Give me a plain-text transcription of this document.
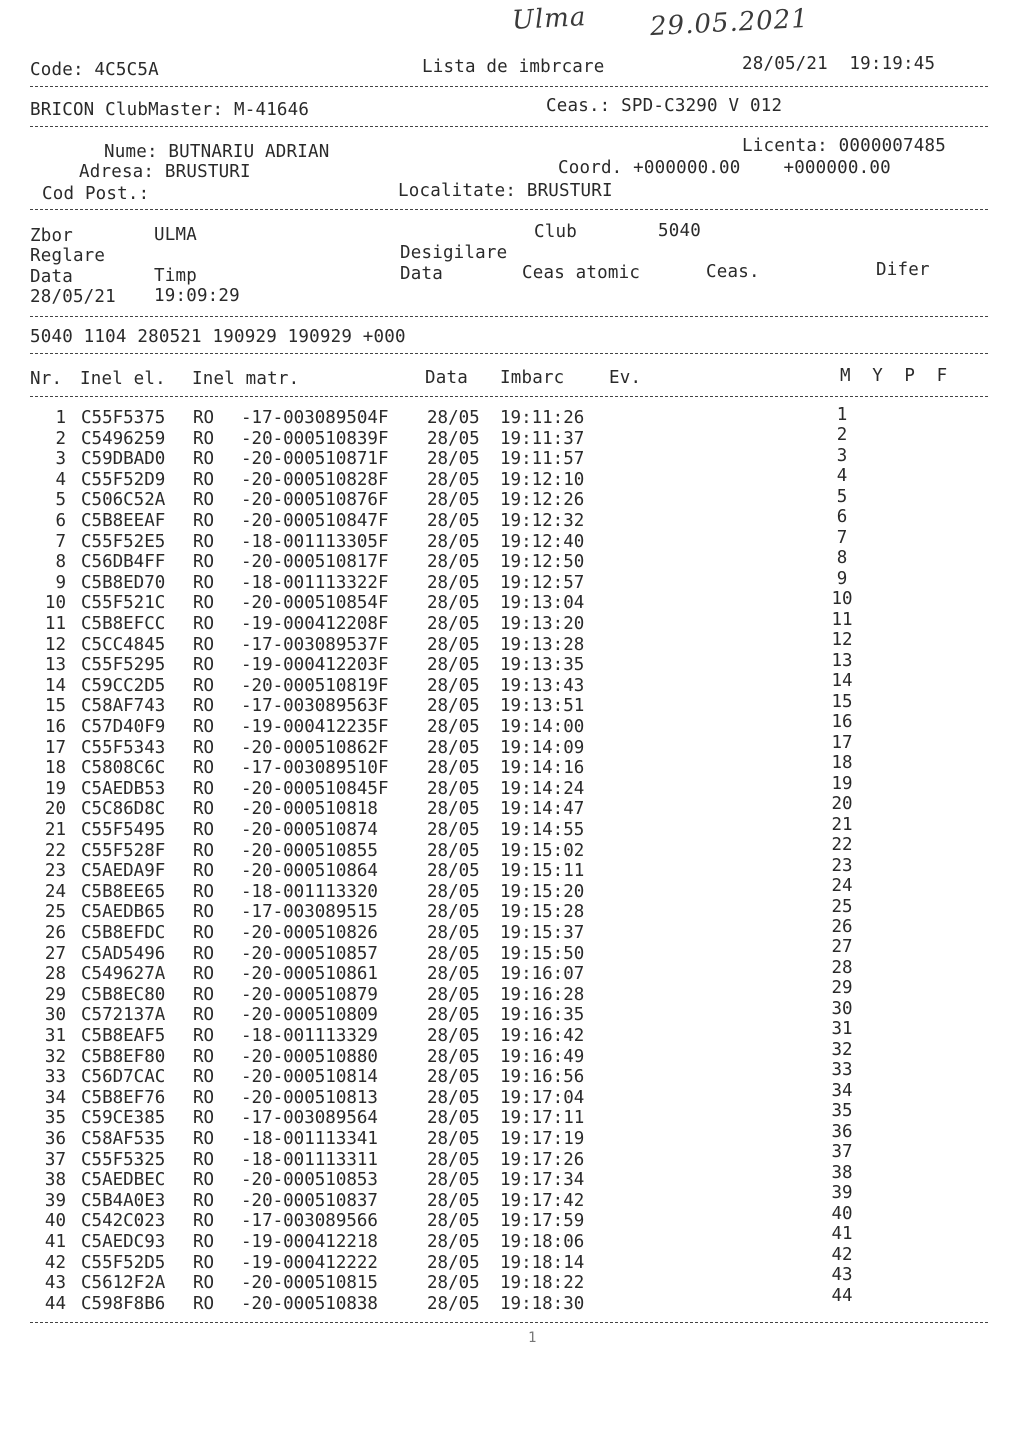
Ulma 29.05.2021
Code: 4C5C5A	Lista de imbrcare	28/05/21  19:19:45
BRICON ClubMaster: M-41646	Ceas.: SPD-C3290 V 012
Nume: BUTNARIU ADRIAN	Licenta: 0000007485
Adresa: BRUSTURI	Coord. +000000.00    +000000.00
Cod Post.:	Localitate: BRUSTURI
Zbor	ULMA	Club	5040
Reglare	Desigilare
Data	Timp	Data	Ceas atomic	Ceas.	Difer
28/05/21 19:09:29
5040 1104 280521 190929 190929 +000
Nr. Inel el. Inel matr.	Data Imbarc	Ev.	M  Y  P  F
1 C55F5375 RO -17-003089504F 28/05 19:11:26	1
2 C5496259 RO -20-000510839F 28/05 19:11:37	2
3 C59DBAD0 RO -20-000510871F 28/05 19:11:57	3
4 C55F52D9 RO -20-000510828F 28/05 19:12:10	4
5 C506C52A RO -20-000510876F 28/05 19:12:26	5
6 C5B8EEAF RO -20-000510847F 28/05 19:12:32	6
7 C55F52E5 RO -18-001113305F 28/05 19:12:40	7
8 C56DB4FF RO -20-000510817F 28/05 19:12:50	8
9 C5B8ED70 RO -18-001113322F 28/05 19:12:57	9
10 C55F521C RO -20-000510854F 28/05 19:13:04	10
11 C5B8EFCC RO -19-000412208F 28/05 19:13:20	11
12 C5CC4845 RO -17-003089537F 28/05 19:13:28	12
13 C55F5295 RO -19-000412203F 28/05 19:13:35	13
14 C59CC2D5 RO -20-000510819F 28/05 19:13:43	14
15 C58AF743 RO -17-003089563F 28/05 19:13:51	15
16 C57D40F9 RO -19-000412235F 28/05 19:14:00	16
17 C55F5343 RO -20-000510862F 28/05 19:14:09	17
18 C5808C6C RO -17-003089510F 28/05 19:14:16	18
19 C5AEDB53 RO -20-000510845F 28/05 19:14:24	19
20 C5C86D8C RO -20-000510818	28/05 19:14:47	20
21 C55F5495 RO -20-000510874	28/05 19:14:55	21
22 C55F528F RO -20-000510855	28/05 19:15:02	22
23 C5AEDA9F RO -20-000510864	28/05 19:15:11	23
24 C5B8EE65 RO -18-001113320	28/05 19:15:20	24
25 C5AEDB65 RO -17-003089515	28/05 19:15:28	25
26 C5B8EFDC RO -20-000510826	28/05 19:15:37	26
27 C5AD5496 RO -20-000510857	28/05 19:15:50	27
28 C549627A RO -20-000510861	28/05 19:16:07	28
29 C5B8EC80 RO -20-000510879	28/05 19:16:28	29
30 C572137A RO -20-000510809	28/05 19:16:35	30
31 C5B8EAF5 RO -18-001113329	28/05 19:16:42	31
32 C5B8EF80 RO -20-000510880	28/05 19:16:49	32
33 C56D7CAC RO -20-000510814	28/05 19:16:56	33
34 C5B8EF76 RO -20-000510813	28/05 19:17:04	34
35 C59CE385 RO -17-003089564	28/05 19:17:11	35
36 C58AF535 RO -18-001113341	28/05 19:17:19	36
37 C55F5325 RO -18-001113311	28/05 19:17:26	37
38 C5AEDBEC RO -20-000510853	28/05 19:17:34	38
39 C5B4A0E3 RO -20-000510837	28/05 19:17:42	39
40 C542C023 RO -17-003089566	28/05 19:17:59	40
41 C5AEDC93 RO -19-000412218	28/05 19:18:06	41
42 C55F52D5 RO -19-000412222	28/05 19:18:14	42
43 C5612F2A RO -20-000510815	28/05 19:18:22	43
44 C598F8B6 RO -20-000510838	28/05 19:18:30	44
1
